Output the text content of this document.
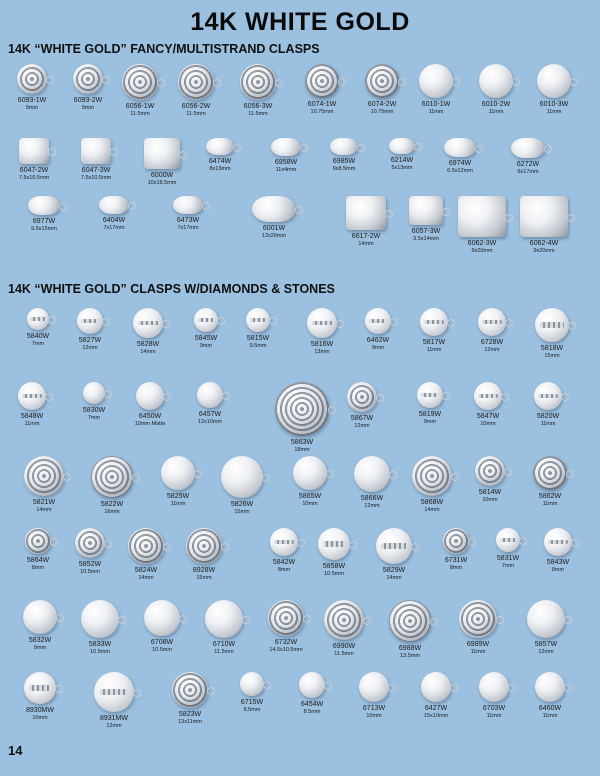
14K WHITE GOLD
14K “WHITE GOLD” FANCY/MULTISTRAND CLASPS
6093-1W
9mm
6093-2W
9mm	6056-1W
11.5mm
6056-2W
11.5mm
6056-3W
11.5mm
6074-1W
10.75mm
6074-2W
10.75mm
6010-1W
11mm
6010-2W
11mm
6010-3W
11mm
6047-2W
7.5x10.5mm
6047-3W
7.5x10.5mm	6000W
10x18.5mm
6474W
8x13mm
6958W
11x4mm
6985W
6x8.5mm
6214W
5x13mm
6974W
6.5x12mm
6272W
6x17mm
6977W
9.5x15mm
6404W
7x17mm
6473W
7x17mm	6001W
12x26mm	6617-2W
14mm
6057-3W
3.5x14mm
6062-3W
9x20mm
6062-4W
9x20mm
14K “WHITE GOLD” CLASPS W/DIAMONDS & STONES
5840W
7mm	5827W
12mm	5828W
14mm
5845W
9mm
5815W
9.5mm	5816W
13mm
6462W
9mm
5817W
11mm
6728W
12mm	5818W
15mm
5848W
11mm
5830W
7mm	6450W
10mm Matte
6457W
12x10mm
5863W
18mm
5867W
12mm
5819W
9mm
5847W
10mm
5820W
11mm
5821W
14mm
5822W
16mm
5825W
11mm	5826W
15mm
5865W
10mm
5866W
12mm	5868W
14mm
5814W
10mm	5862W
11mm
5864W
8mm	5852W
10.5mm	5824W
14mm
8928W
15mm
5842W
8mm	5858W
10.5mm	5829W
14mm
6731W
8mm
5831W
7mm	5843W
8mm
5832W
9mm	5833W
10.5mm
6708W
10.5mm
6710W
11.5mm
6732W
14.5x10.5mm	6990W
11.5mm
6988W
13.5mm
6989W
11mm
5857W
12mm
8930MW
10mm	8931MW
12mm
5823W
13x11mm
6715W
8.5mm
6454W
8.5mm	6713W
10mm
6427W
15x10mm
6703W
11mm
6460W
11mm
14
